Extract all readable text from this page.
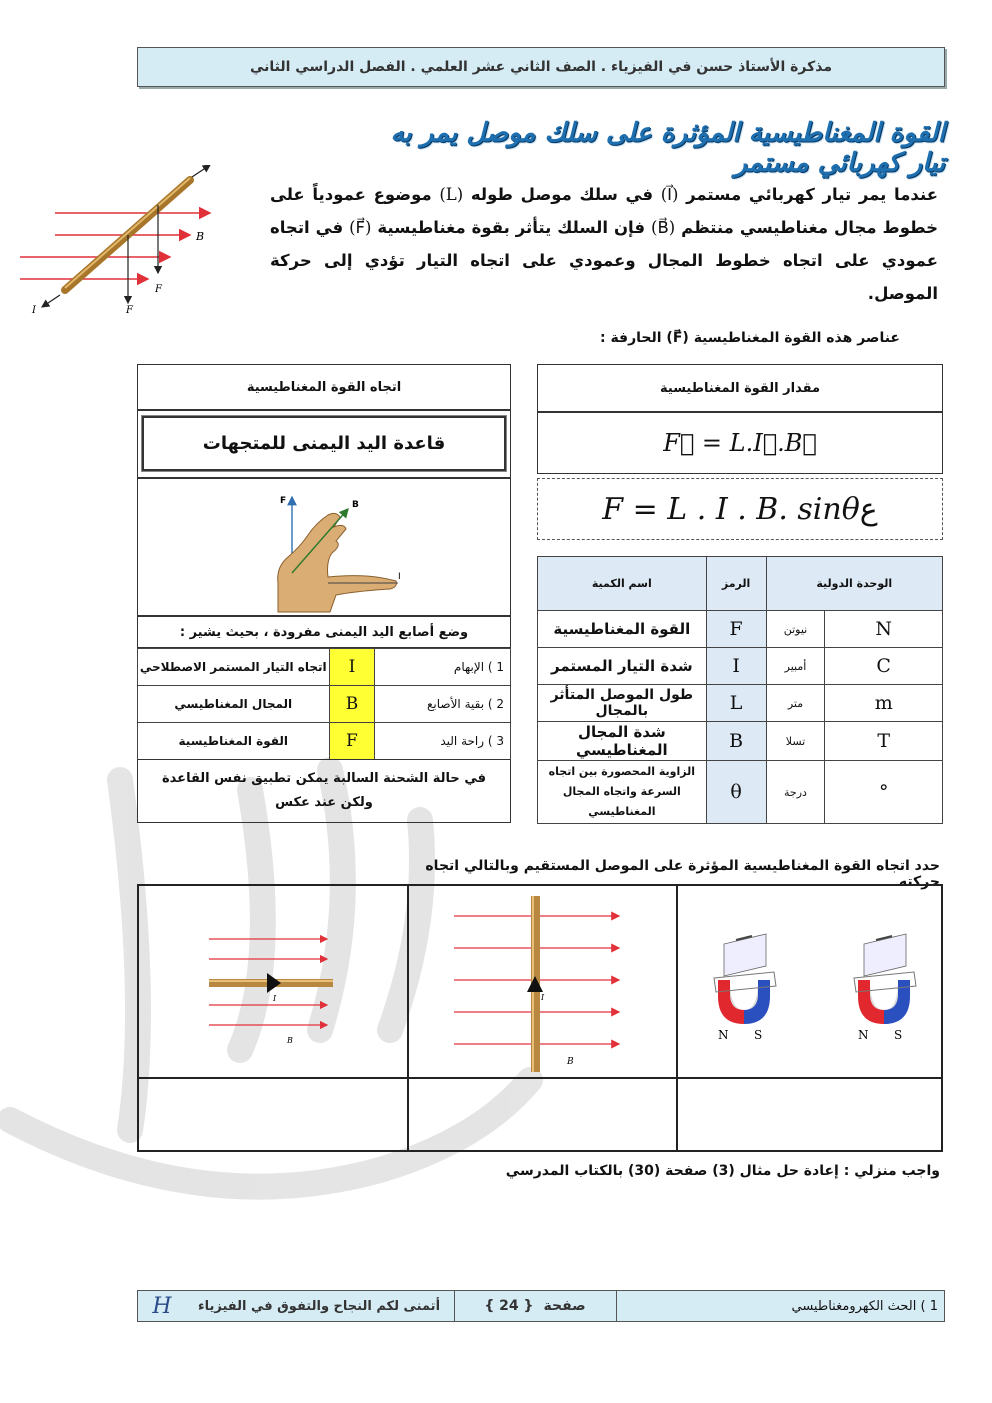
مذكرة الأستاذ حسن في الفيزياء . الصف الثاني عشر العلمي . الفصل الدراسي الثاني
القوة المغناطيسية المؤثرة على سلك موصل يمر به تيار كهربائي مستمر
B
F
F
I
عندما يمر تيار كهربائي مستمر (I⃗) في سلك موصل طوله (L) موضوع عمودياً على خطوط مجال مغناطيسي منتظم (B⃗) فإن السلك يتأثر بقوة مغناطيسية (F⃗) في اتجاه عمودي على اتجاه خطوط المجال وعمودي على اتجاه التيار تؤدي إلى حركة الموصل.
عناصر هذه القوة المغناطيسية (F⃗) الحارفة :
مقدار القوة المغناطيسية
F⃗ = L.I⃗.B⃗
F = L . I . B. sinθ ع
اسم الكمية	الرمز	الوحدة الدولية	
القوة المغناطيسية	F	نيوتن	N
شدة التيار المستمر	I	أمبير	C
طول الموصل المتأثر بالمجال	L	متر	m
شدة المجال المغناطيسي	B	تسلا	T
الزاوية المحصورة بين اتجاه السرعة واتجاه المجال المغناطيسي	θ	درجة	°
اتجاه القوة المغناطيسية
قاعدة اليد اليمنى للمتجهات
F	B
I
وضع أصابع اليد اليمنى مفرودة ، بحيث يشير :
اتجاه التيار المستمر الاصطلاحي	I	1 ) الإبهام
المجال المغناطيسي	B	2 ) بقية الأصابع
القوة المغناطيسية	F	3 ) راحة اليد
في حالة الشحنة السالبة يمكن تطبيق نفس القاعدة ولكن عند عكس
حدد اتجاه القوة المغناطيسية المؤثرة على الموصل المستقيم وبالتالي اتجاه حركته
I
B
I
B
N S	N S
واجب منزلي : إعادة حل مثال (3) صفحة (30) بالكتاب المدرسي
1 ) الحث الكهرومغناطيسي
صفحة
{ 24 }
أتمنى لكم النجاح والتفوق في الفيزياء
H
